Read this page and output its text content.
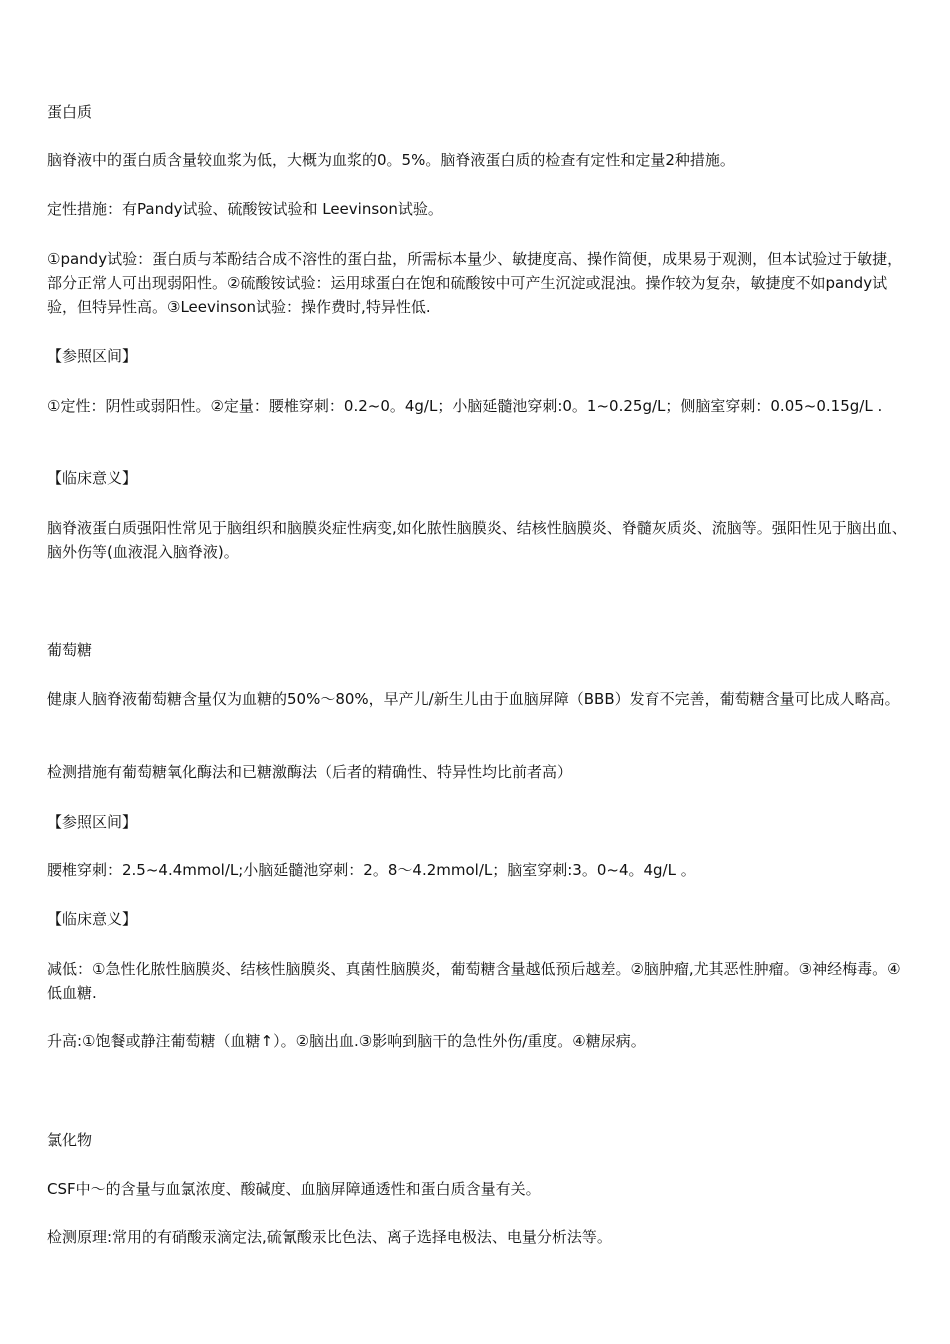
蛋白质

脑脊液中的蛋白质含量较血浆为低，大概为血浆的0。5%。脑脊液蛋白质的检查有定性和定量2种措施。

定性措施：有Pandy试验、硫酸铵试验和 Leevinson试验。

①pandy试验：蛋白质与苯酚结合成不溶性的蛋白盐，所需标本量少、敏捷度高、操作简便，成果易于观测，但本试验过于敏捷，部分正常人可出现弱阳性。②硫酸铵试验：运用球蛋白在饱和硫酸铵中可产生沉淀或混浊。操作较为复杂，敏捷度不如pandy试验，但特异性高。③Leevinson试验：操作费时,特异性低.

【参照区间】

①定性：阴性或弱阳性。②定量：腰椎穿刺：0.2~0。4g/L；小脑延髓池穿刺:0。1~0.25g/L；侧脑室穿刺：0.05~0.15g/L .

【临床意义】

脑脊液蛋白质强阳性常见于脑组织和脑膜炎症性病变,如化脓性脑膜炎、结核性脑膜炎、脊髓灰质炎、流脑等。强阳性见于脑出血、脑外伤等(血液混入脑脊液)。

葡萄糖

健康人脑脊液葡萄糖含量仅为血糖的50%～80%，早产儿/新生儿由于血脑屏障（BBB）发育不完善，葡萄糖含量可比成人略高。

检测措施有葡萄糖氧化酶法和已糖激酶法（后者的精确性、特异性均比前者高）

【参照区间】

腰椎穿刺：2.5~4.4mmol/L;小脑延髓池穿刺：2。8～4.2mmol/L；脑室穿刺:3。0~4。4g/L 。

【临床意义】

减低：①急性化脓性脑膜炎、结核性脑膜炎、真菌性脑膜炎，葡萄糖含量越低预后越差。②脑肿瘤,尤其恶性肿瘤。③神经梅毒。④低血糖.

升高:①饱餐或静注葡萄糖（血糖↑）。②脑出血.③影响到脑干的急性外伤/重度。④糖尿病。

氯化物

CSF中～的含量与血氯浓度、酸碱度、血脑屏障通透性和蛋白质含量有关。

检测原理:常用的有硝酸汞滴定法,硫氰酸汞比色法、离子选择电极法、电量分析法等。
